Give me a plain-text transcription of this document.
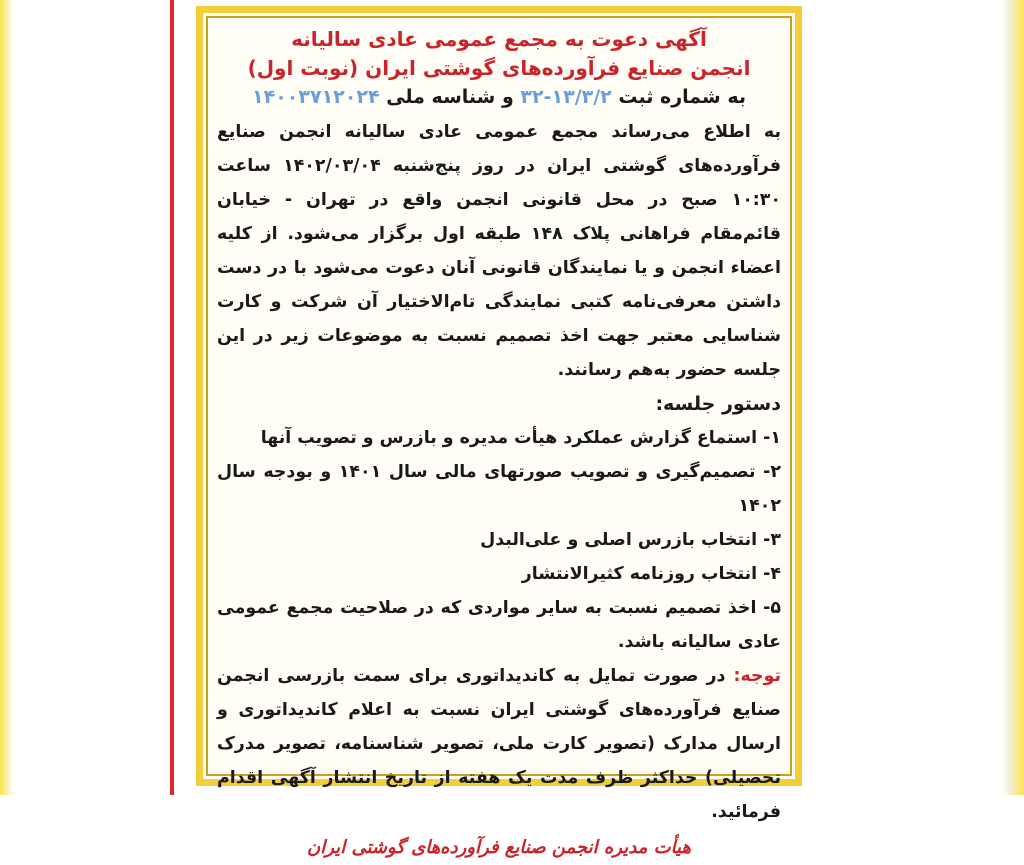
آگهی دعوت به مجمع عمومی عادی سالیانه
انجمن صنایع فرآورده‌های گوشتی ایران (نوبت اول)
به شماره ثبت ۱۳/۳/۲-۳۲ و شناسه ملی ۱۴۰۰۳۷۱۲۰۲۴
به اطلاع می‌رساند مجمع عمومی عادی سالیانه انجمن صنایع فرآورده‌های گوشتی ایران در روز پنج‌شنبه ۱۴۰۲/۰۳/۰۴ ساعت ۱۰:۳۰ صبح در محل قانونی انجمن واقع در تهران - خیابان قائم‌مقام فراهانی پلاک ۱۴۸ طبقه اول برگزار می‌شود. از کلیه اعضاء انجمن و یا نمایندگان قانونی آنان دعوت می‌شود با در دست داشتن معرفی‌نامه کتبی نمایندگی تام‌الاختیار آن شرکت و کارت شناسایی معتبر جهت اخذ تصمیم نسبت به موضوعات زیر در این جلسه حضور به‌هم رسانند.
دستور جلسه:
۱- استماع گزارش عملکرد هیأت مدیره و بازرس و تصویب آنها
۲- تصمیم‌گیری و تصویب صورتهای مالی سال ۱۴۰۱ و بودجه سال ۱۴۰۲
۳- انتخاب بازرس اصلی و علی‌البدل
۴- انتخاب روزنامه کثیرالانتشار
۵- اخذ تصمیم نسبت به سایر مواردی که در صلاحیت مجمع عمومی عادی سالیانه باشد.
توجه: در صورت تمایل به کاندیداتوری برای سمت بازرسی انجمن صنایع فرآورده‌های گوشتی ایران نسبت به اعلام کاندیداتوری و ارسال مدارک (تصویر کارت ملی، تصویر شناسنامه، تصویر مدرک تحصیلی) حداکثر ظرف مدت یک هفته از تاریخ انتشار آگهی اقدام فرمائید.
هیأت مدیره انجمن صنایع فرآورده‌های گوشتی ایران
